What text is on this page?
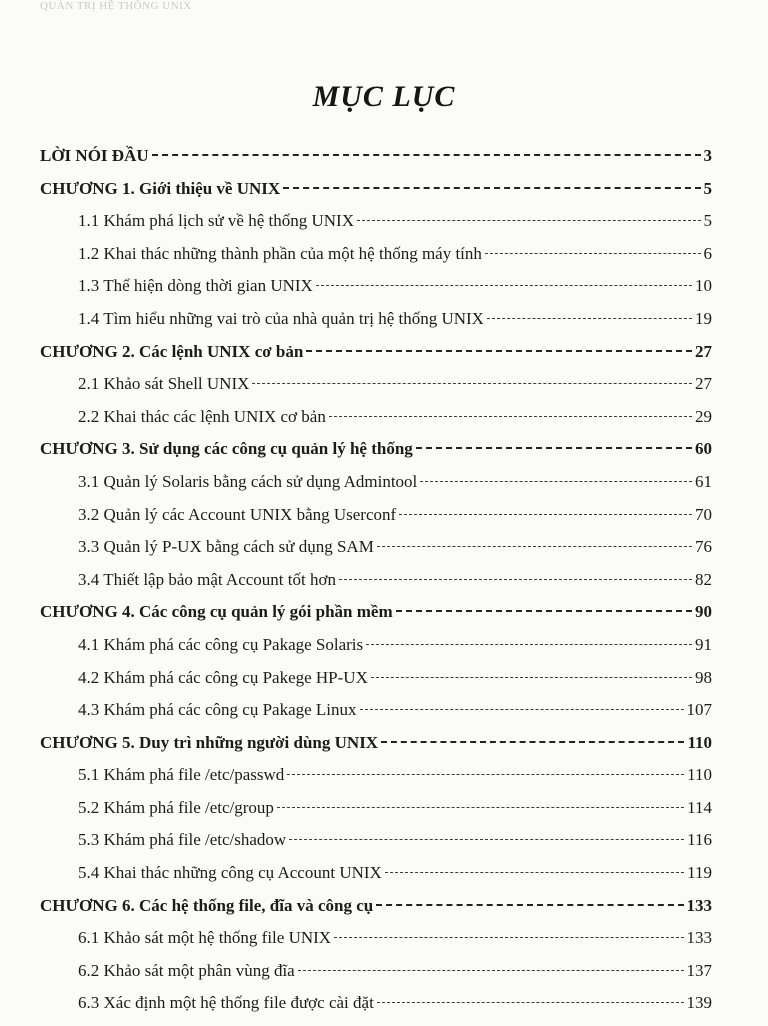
QUẢN TRỊ HỆ THỐNG UNIX
MỤC LỤC
LỜI NÓI ĐẦU	3
CHƯƠNG 1. Giới thiệu về UNIX	5
1.1 Khám phá lịch sử về hệ thống UNIX	5
1.2 Khai thác những thành phần của một hệ thống máy tính	6
1.3 Thể hiện dòng thời gian UNIX	10
1.4 Tìm hiểu những vai trò của nhà quản trị hệ thống UNIX	19
CHƯƠNG 2. Các lệnh UNIX cơ bản	27
2.1 Khảo sát Shell UNIX	27
2.2 Khai thác các lệnh UNIX cơ bản	29
CHƯƠNG 3. Sử dụng các công cụ quản lý hệ thống	60
3.1 Quản lý Solaris bằng cách sử dụng Admintool	61
3.2 Quản lý các Account UNIX bằng Userconf	70
3.3 Quản lý P-UX bằng cách sử dụng SAM	76
3.4 Thiết lập bảo mật Account tốt hơn	82
CHƯƠNG 4. Các công cụ quản lý gói phần mềm	90
4.1 Khám phá các công cụ Pakage Solaris	91
4.2 Khám phá các công cụ Pakege HP-UX	98
4.3 Khám phá các công cụ Pakage Linux	107
CHƯƠNG 5. Duy trì những người dùng UNIX	110
5.1 Khám phá file /etc/passwd	110
5.2 Khám phá file /etc/group	114
5.3 Khám phá file /etc/shadow	116
5.4 Khai thác những công cụ Account UNIX	119
CHƯƠNG 6. Các hệ thống file, đĩa và công cụ	133
6.1 Khảo sát một hệ thống file UNIX	133
6.2 Khảo sát một phân vùng đĩa	137
6.3 Xác định một hệ thống file được cài đặt	139
